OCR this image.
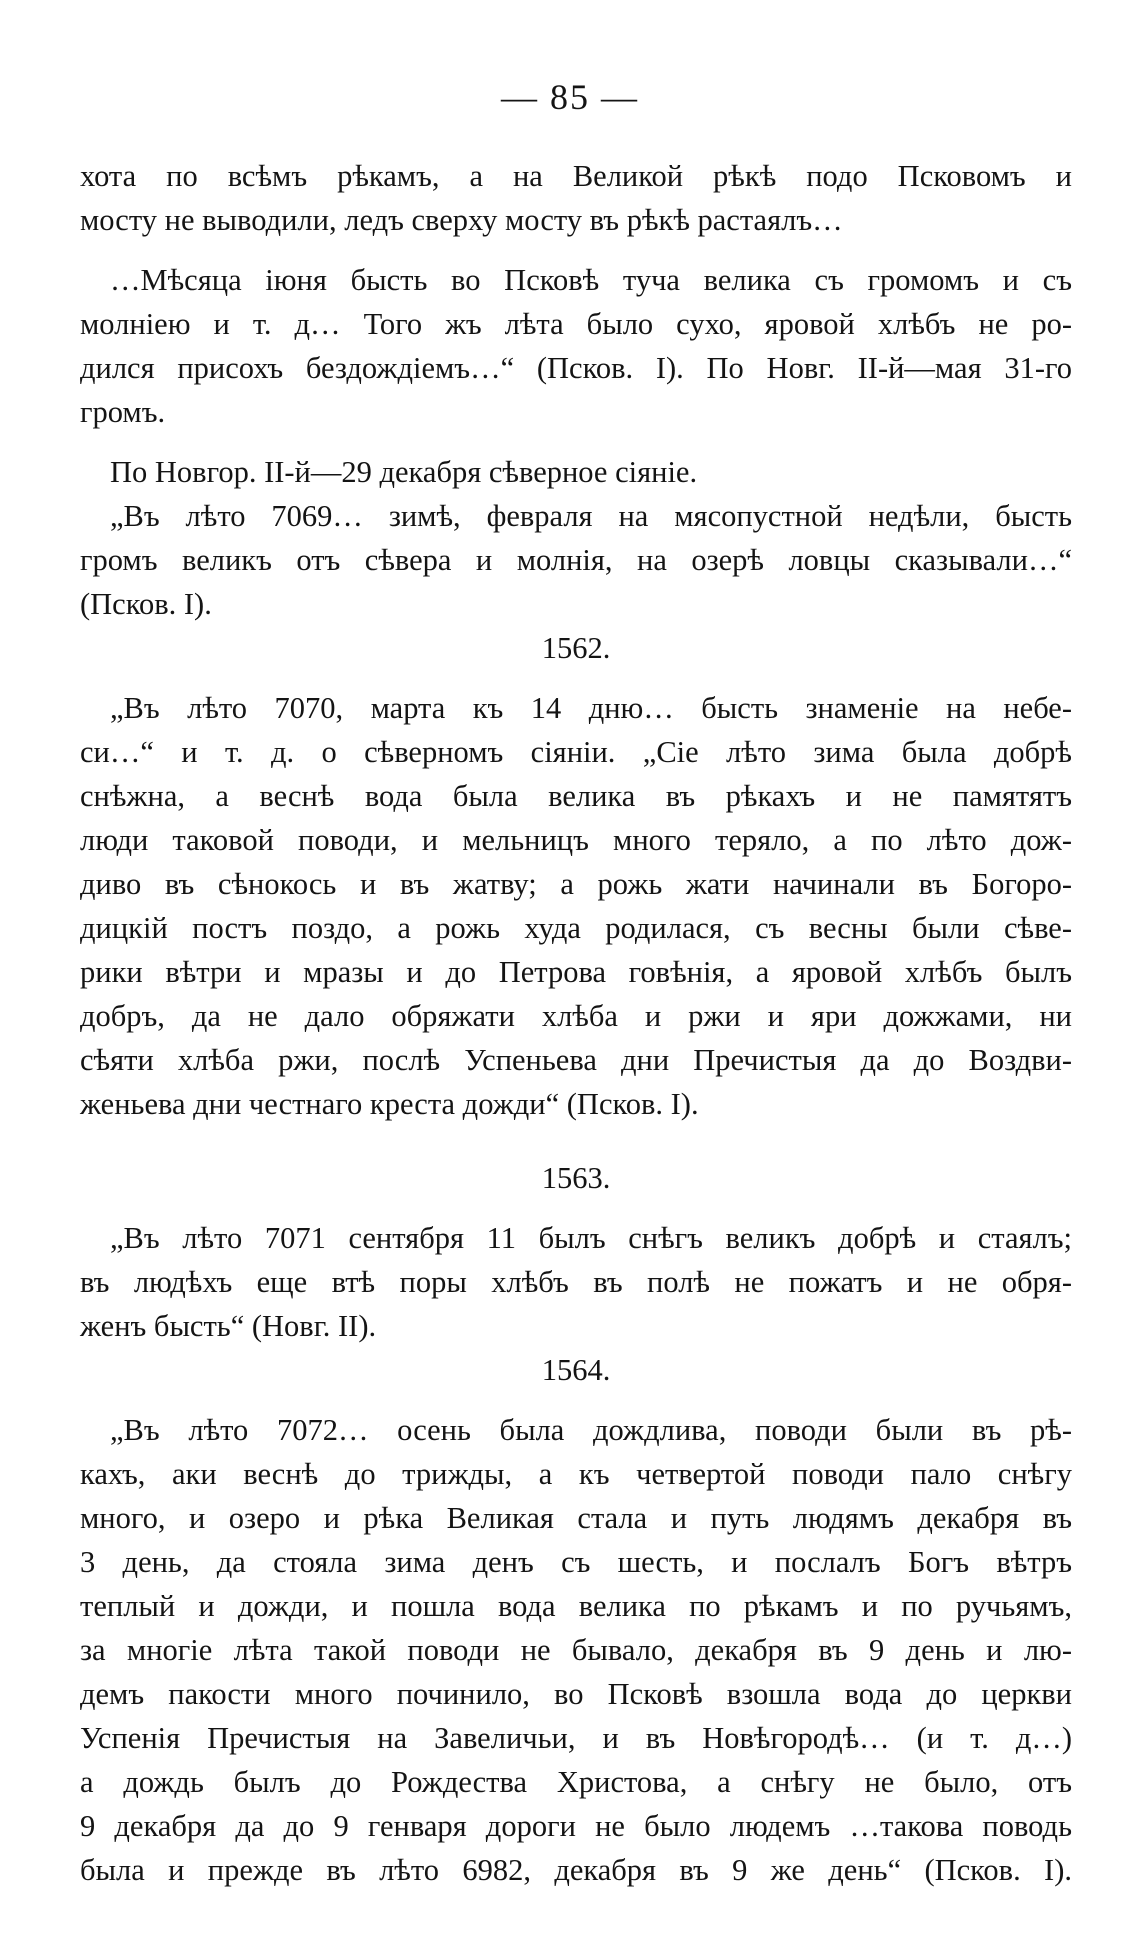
— 85 —
хота по всѣмъ рѣкамъ, а на Великой рѣкѣ подо Псковомъ и
мосту не выводили, ледъ сверху мосту въ рѣкѣ растаялъ…
…Мѣсяца іюня бысть во Псковѣ туча велика съ громомъ и съ
молніею и т. д… Того жъ лѣта было сухо, яровой хлѣбъ не ро-
дился присохъ бездождіемъ…“ (Псков. I). По Новг. II-й—мая 31-го
громъ.
По Новгор. II-й—29 декабря сѣверное сіяніе.
„Въ лѣто 7069… зимѣ, февраля на мясопустной недѣли, бысть
громъ великъ отъ сѣвера и молнія, на озерѣ ловцы сказывали…“
(Псков. I).
1562.
„Въ лѣто 7070, марта къ 14 дню… бысть знаменіе на небе-
си…“ и т. д. о сѣверномъ сіяніи. „Сіе лѣто зима была добрѣ
снѣжна, а веснѣ вода была велика въ рѣкахъ и не памятятъ
люди таковой поводи, и мельницъ много теряло, а по лѣто дож-
диво въ сѣнокось и въ жатву; а рожь жати начинали въ Богоро-
дицкій постъ поздо, а рожь худа родилася, съ весны были сѣве-
рики вѣтри и мразы и до Петрова говѣнія, а яровой хлѣбъ былъ
добръ, да не дало обряжати хлѣба и ржи и яри дожжами, ни
сѣяти хлѣба ржи, послѣ Успеньева дни Пречистыя да до Воздви-
женьева дни честнаго креста дожди“ (Псков. I).
1563.
„Въ лѣто 7071 сентября 11 былъ снѣгъ великъ добрѣ и стаялъ;
въ людѣхъ еще втѣ поры хлѣбъ въ полѣ не пожатъ и не обря-
женъ бысть“ (Новг. II).
1564.
„Въ лѣто 7072… осень была дождлива, поводи были въ рѣ-
кахъ, аки веснѣ до трижды, а къ четвертой поводи пало снѣгу
много, и озеро и рѣка Великая стала и путь людямъ декабря въ
3 день, да стояла зима денъ съ шесть, и послалъ Богъ вѣтръ
теплый и дожди, и пошла вода велика по рѣкамъ и по ручьямъ,
за многіе лѣта такой поводи не бывало, декабря въ 9 день и лю-
демъ пакости много починило, во Псковѣ взошла вода до церкви
Успенія Пречистыя на Завеличьи, и въ Новѣгородѣ… (и т. д…)
а дождь былъ до Рождества Христова, а снѣгу не было, отъ
9 декабря да до 9 генваря дороги не было людемъ …такова поводь
была и прежде въ лѣто 6982, декабря въ 9 же день“ (Псков. I).
